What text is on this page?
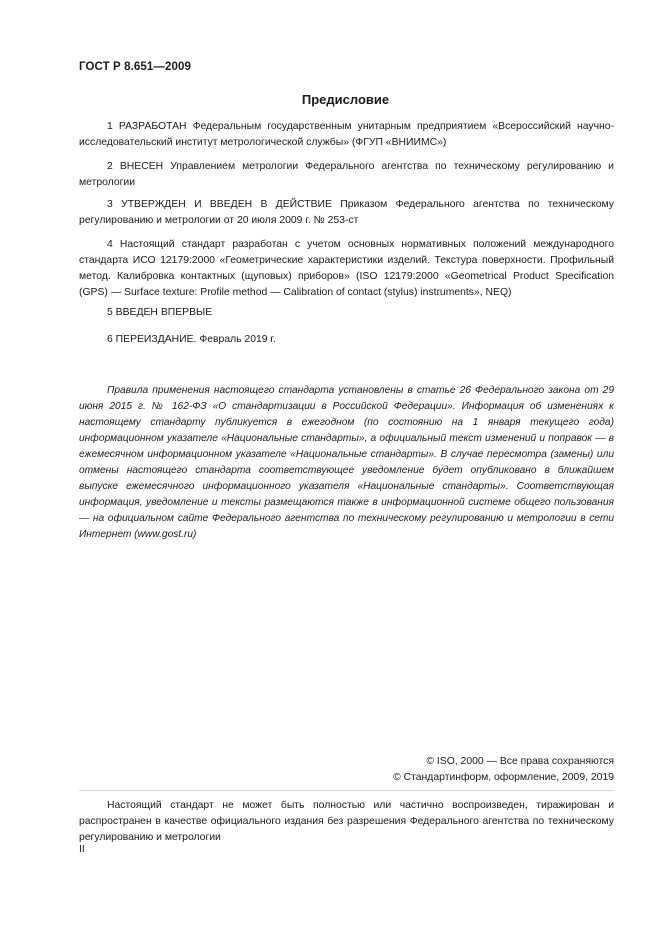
ГОСТ Р 8.651—2009
Предисловие
1 РАЗРАБОТАН Федеральным государственным унитарным предприятием «Всероссийский научно-исследовательский институт метрологической службы» (ФГУП «ВНИИМС»)
2 ВНЕСЕН Управлением метрологии Федерального агентства по техническому регулированию и метрологии
3 УТВЕРЖДЕН И ВВЕДЕН В ДЕЙСТВИЕ Приказом Федерального агентства по техническому регулированию и метрологии от 20 июля 2009 г. № 253-ст
4 Настоящий стандарт разработан с учетом основных нормативных положений международного стандарта ИСО 12179:2000 «Геометрические характеристики изделий. Текстура поверхности. Профильный метод. Калибровка контактных (щуповых) приборов» (ISO 12179:2000 «Geometrical Product Specification (GPS) — Surface texture: Profile method — Calibration of contact (stylus) instruments», NEQ)
5 ВВЕДЕН ВПЕРВЫЕ
6 ПЕРЕИЗДАНИЕ. Февраль 2019 г.
Правила применения настоящего стандарта установлены в статье 26 Федерального закона от 29 июня 2015 г. № 162-ФЗ «О стандартизации в Российской Федерации». Информация об изменениях к настоящему стандарту публикуется в ежегодном (по состоянию на 1 января текущего года) информационном указателе «Национальные стандарты», а официальный текст изменений и поправок — в ежемесячном информационном указателе «Национальные стандарты». В случае пересмотра (замены) или отмены настоящего стандарта соответствующее уведомление будет опубликовано в ближайшем выпуске ежемесячного информационного указателя «Национальные стандарты». Соответствующая информация, уведомление и тексты размещаются также в информационной системе общего пользования — на официальном сайте Федерального агентства по техническому регулированию и метрологии в сети Интернет (www.gost.ru)
© ISO, 2000 — Все права сохраняются
© Стандартинформ, оформление, 2009, 2019
Настоящий стандарт не может быть полностью или частично воспроизведен, тиражирован и распространен в качестве официального издания без разрешения Федерального агентства по техническому регулированию и метрологии
II
